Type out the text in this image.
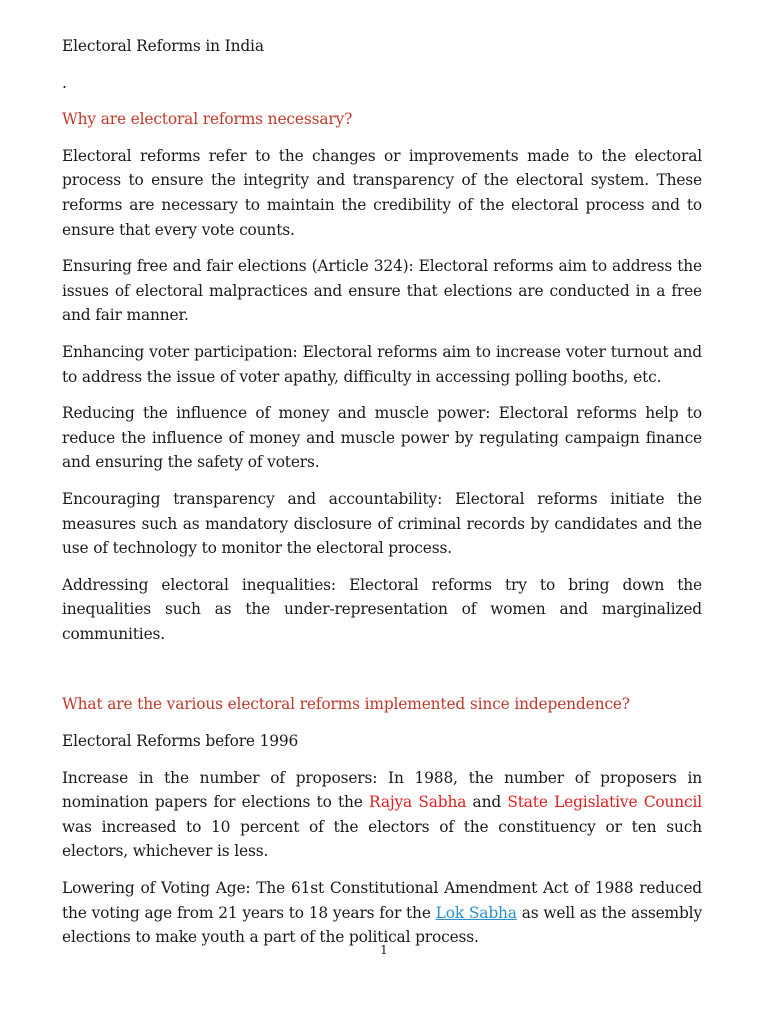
Electoral Reforms in India
.
Why are electoral reforms necessary?

Electoral reforms refer to the changes or improvements made to the electoral process to ensure the integrity and transparency of the electoral system. These reforms are necessary to maintain the credibility of the electoral process and to ensure that every vote counts.

Ensuring free and fair elections (Article 324): Electoral reforms aim to address the issues of electoral malpractices and ensure that elections are conducted in a free and fair manner.

Enhancing voter participation: Electoral reforms aim to increase voter turnout and to address the issue of voter apathy, difficulty in accessing polling booths, etc.

Reducing the influence of money and muscle power: Electoral reforms help to reduce the influence of money and muscle power by regulating campaign finance and ensuring the safety of voters.

Encouraging transparency and accountability: Electoral reforms initiate the measures such as mandatory disclosure of criminal records by candidates and the use of technology to monitor the electoral process.

Addressing electoral inequalities: Electoral reforms try to bring down the inequalities such as the under-representation of women and marginalized communities.

What are the various electoral reforms implemented since independence?
Electoral Reforms before 1996

Increase in the number of proposers: In 1988, the number of proposers in nomination papers for elections to the Rajya Sabha and State Legislative Council was increased to 10 percent of the electors of the constituency or ten such electors, whichever is less.

Lowering of Voting Age: The 61st Constitutional Amendment Act of 1988 reduced the voting age from 21 years to 18 years for the Lok Sabha as well as the assembly elections to make youth a part of the political process.

1
